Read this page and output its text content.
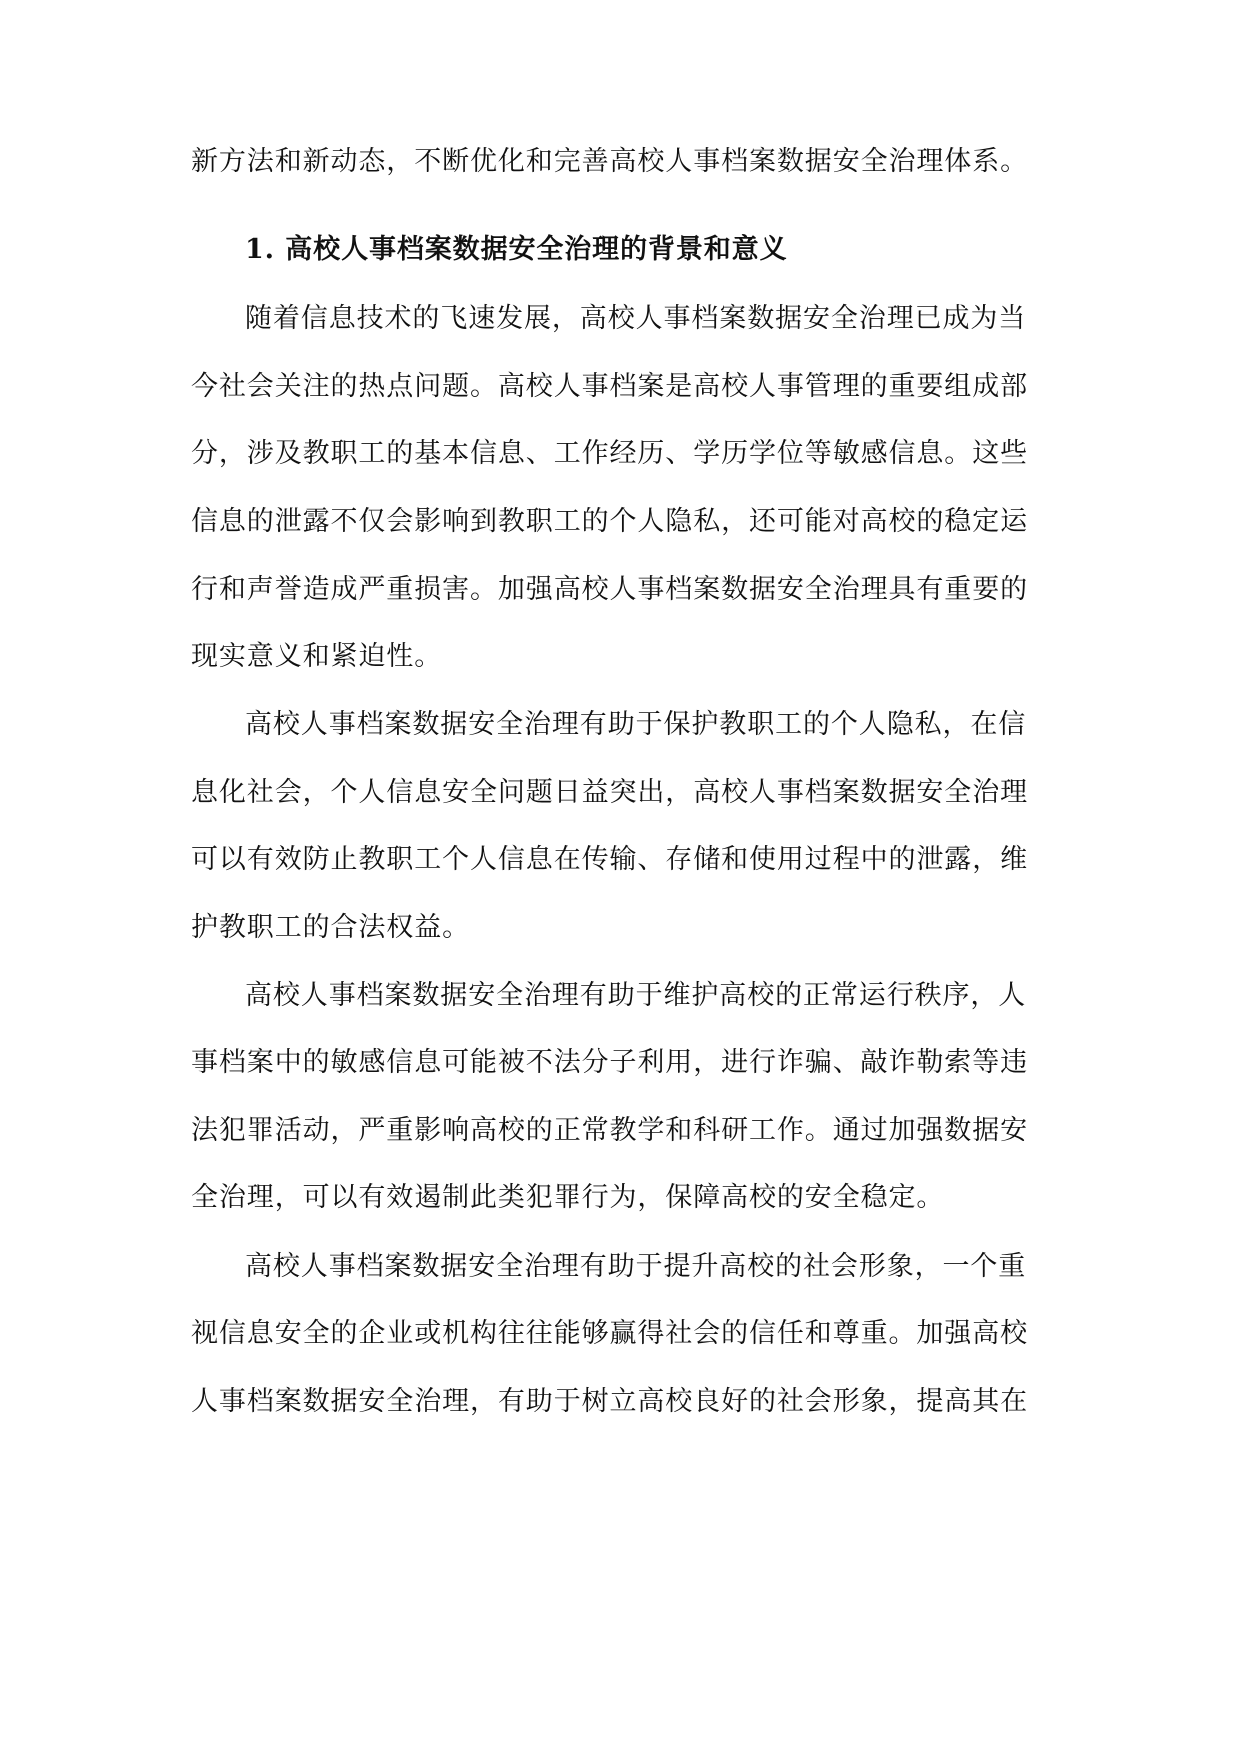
新方法和新动态，不断优化和完善高校人事档案数据安全治理体系。
1. 高校人事档案数据安全治理的背景和意义
随着信息技术的飞速发展，高校人事档案数据安全治理已成为当
今社会关注的热点问题。高校人事档案是高校人事管理的重要组成部
分，涉及教职工的基本信息、工作经历、学历学位等敏感信息。这些
信息的泄露不仅会影响到教职工的个人隐私，还可能对高校的稳定运
行和声誉造成严重损害。加强高校人事档案数据安全治理具有重要的
现实意义和紧迫性。
高校人事档案数据安全治理有助于保护教职工的个人隐私，在信
息化社会，个人信息安全问题日益突出，高校人事档案数据安全治理
可以有效防止教职工个人信息在传输、存储和使用过程中的泄露，维
护教职工的合法权益。
高校人事档案数据安全治理有助于维护高校的正常运行秩序，人
事档案中的敏感信息可能被不法分子利用，进行诈骗、敲诈勒索等违
法犯罪活动，严重影响高校的正常教学和科研工作。通过加强数据安
全治理，可以有效遏制此类犯罪行为，保障高校的安全稳定。
高校人事档案数据安全治理有助于提升高校的社会形象，一个重
视信息安全的企业或机构往往能够赢得社会的信任和尊重。加强高校
人事档案数据安全治理，有助于树立高校良好的社会形象，提高其在
